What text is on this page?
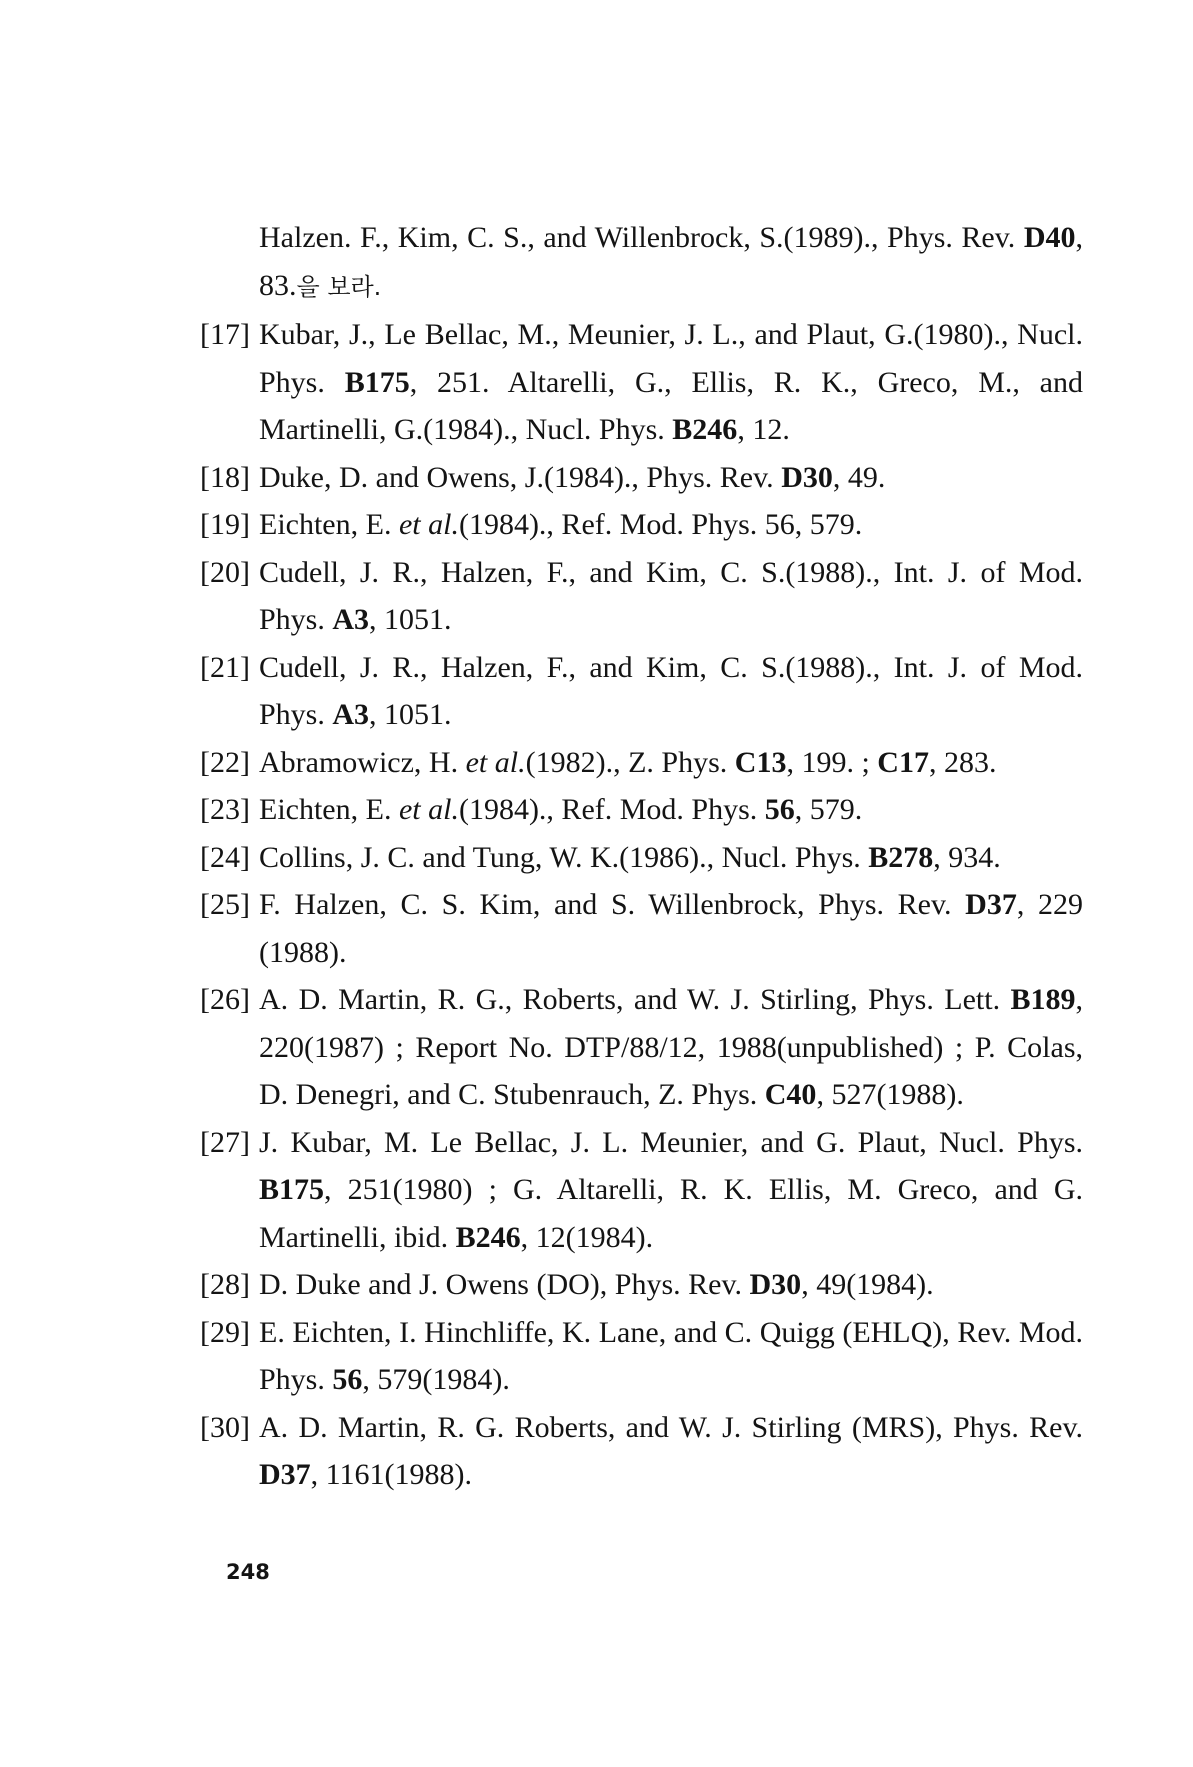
Halzen. F., Kim, C. S., and Willenbrock, S.(1989)., Phys. Rev. D40, 83.을 보라.
[17] Kubar, J., Le Bellac, M., Meunier, J. L., and Plaut, G.(1980)., Nucl. Phys. B175, 251. Altarelli, G., Ellis, R. K., Greco, M., and Martinelli, G.(1984)., Nucl. Phys. B246, 12.
[18] Duke, D. and Owens, J.(1984)., Phys. Rev. D30, 49.
[19] Eichten, E. et al.(1984)., Ref. Mod. Phys. 56, 579.
[20] Cudell, J. R., Halzen, F., and Kim, C. S.(1988)., Int. J. of Mod. Phys. A3, 1051.
[21] Cudell, J. R., Halzen, F., and Kim, C. S.(1988)., Int. J. of Mod. Phys. A3, 1051.
[22] Abramowicz, H. et al.(1982)., Z. Phys. C13, 199. ; C17, 283.
[23] Eichten, E. et al.(1984)., Ref. Mod. Phys. 56, 579.
[24] Collins, J. C. and Tung, W. K.(1986)., Nucl. Phys. B278, 934.
[25] F. Halzen, C. S. Kim, and S. Willenbrock, Phys. Rev. D37, 229 (1988).
[26] A. D. Martin, R. G., Roberts, and W. J. Stirling, Phys. Lett. B189, 220(1987) ; Report No. DTP/88/12, 1988(unpublished) ; P. Colas, D. Denegri, and C. Stubenrauch, Z. Phys. C40, 527(1988).
[27] J. Kubar, M. Le Bellac, J. L. Meunier, and G. Plaut, Nucl. Phys. B175, 251(1980) ; G. Altarelli, R. K. Ellis, M. Greco, and G. Martinelli, ibid. B246, 12(1984).
[28] D. Duke and J. Owens (DO), Phys. Rev. D30, 49(1984).
[29] E. Eichten, I. Hinchliffe, K. Lane, and C. Quigg (EHLQ), Rev. Mod. Phys. 56, 579(1984).
[30] A. D. Martin, R. G. Roberts, and W. J. Stirling (MRS), Phys. Rev. D37, 1161(1988).
248
